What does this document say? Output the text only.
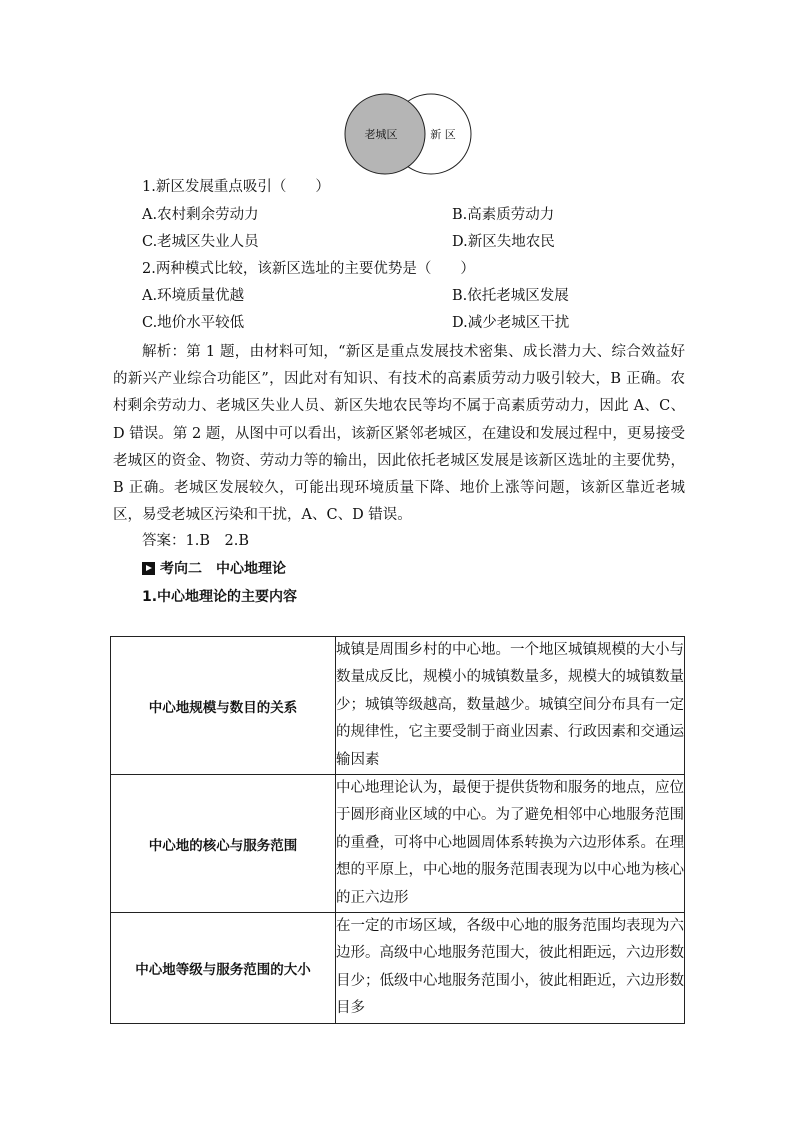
老城区	新 区
1.新区发展重点吸引（　　）
A.农村剩余劳动力	B.高素质劳动力
C.老城区失业人员	D.新区失地农民
2.两种模式比较，该新区选址的主要优势是（　　）
A.环境质量优越	B.依托老城区发展
C.地价水平较低	D.减少老城区干扰
解析：第 1 题，由材料可知，“新区是重点发展技术密集、成长潜力大、综合效益好的新兴产业综合功能区”，因此对有知识、有技术的高素质劳动力吸引较大，B 正确。农村剩余劳动力、老城区失业人员、新区失地农民等均不属于高素质劳动力，因此 A、C、D 错误。第 2 题，从图中可以看出，该新区紧邻老城区，在建设和发展过程中，更易接受老城区的资金、物资、劳动力等的输出，因此依托老城区发展是该新区选址的主要优势，B 正确。老城区发展较久，可能出现环境质量下降、地价上涨等问题，该新区靠近老城区，易受老城区污染和干扰，A、C、D 错误。
答案：1.B　2.B
考向二　中心地理论
1.中心地理论的主要内容
中心地规模与数目的关系	城镇是周围乡村的中心地。一个地区城镇规模的大小与数量成反比，规模小的城镇数量多，规模大的城镇数量少；城镇等级越高，数量越少。城镇空间分布具有一定的规律性，它主要受制于商业因素、行政因素和交通运输因素
中心地的核心与服务范围	中心地理论认为，最便于提供货物和服务的地点，应位于圆形商业区域的中心。为了避免相邻中心地服务范围的重叠，可将中心地圆周体系转换为六边形体系。在理想的平原上，中心地的服务范围表现为以中心地为核心的正六边形
中心地等级与服务范围的大小	在一定的市场区域，各级中心地的服务范围均表现为六边形。高级中心地服务范围大，彼此相距远，六边形数目少；低级中心地服务范围小，彼此相距近，六边形数目多
